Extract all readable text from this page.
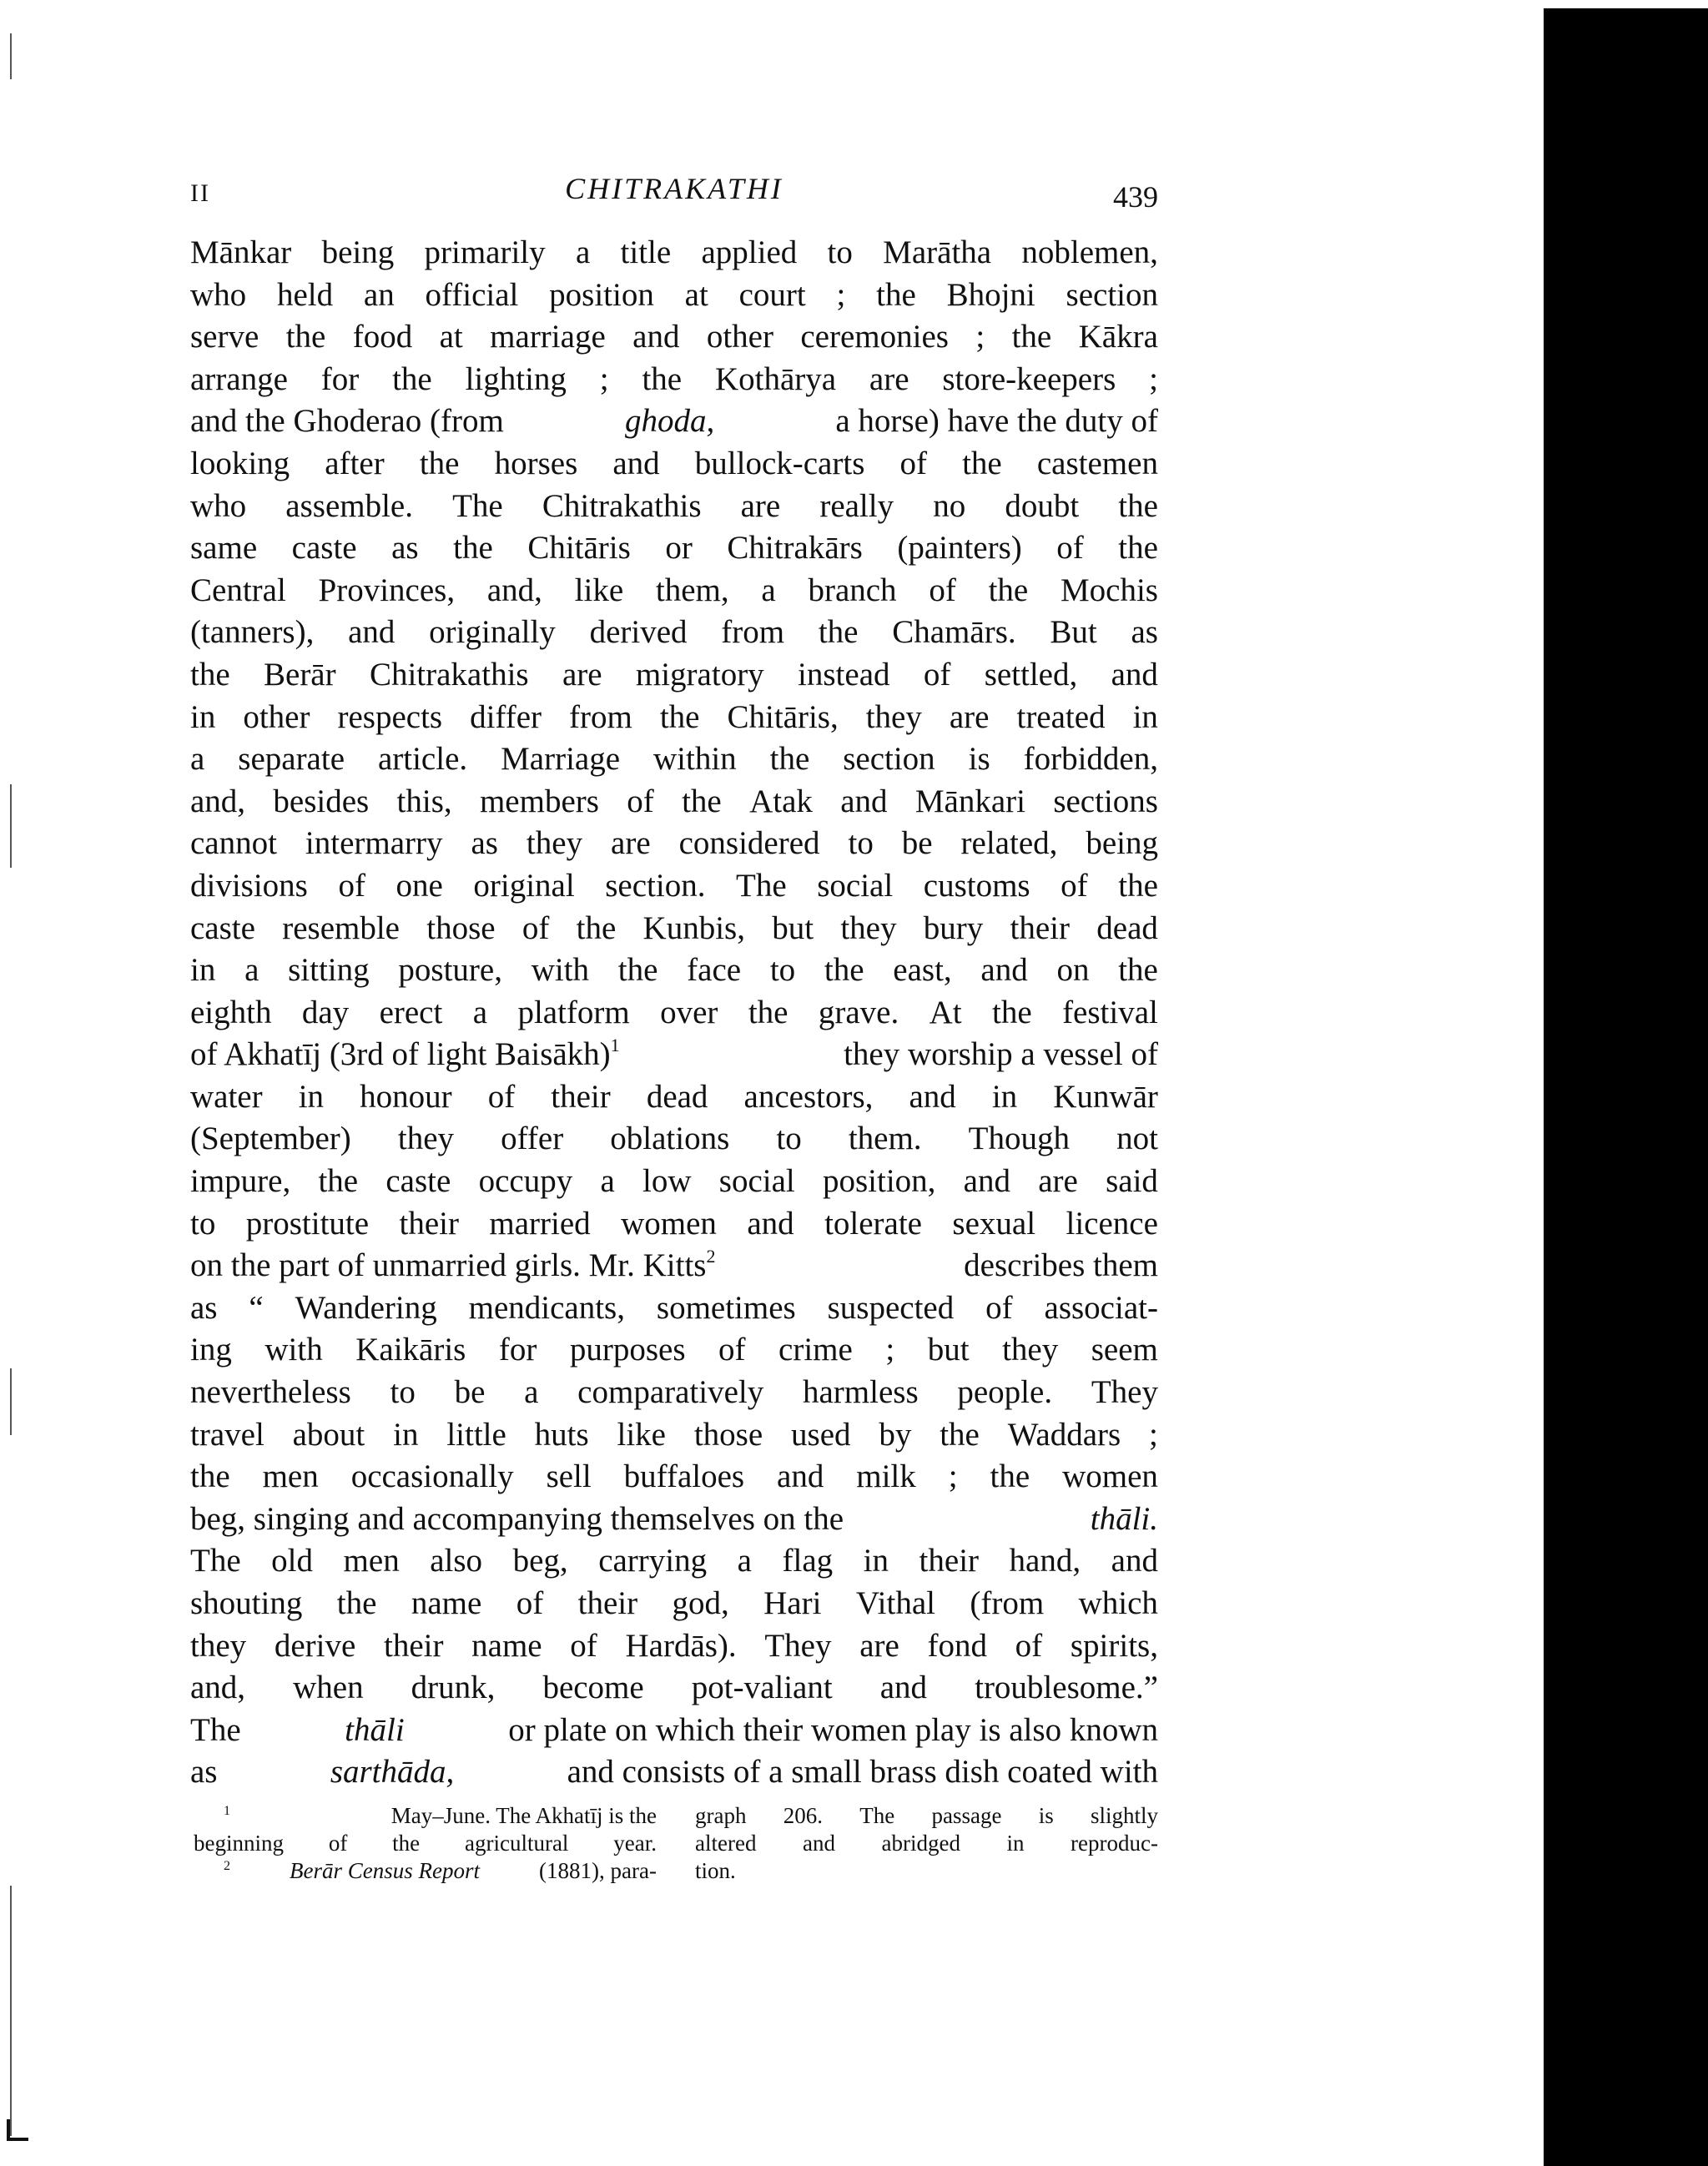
II	CHITRAKATHI	439
Mānkar being primarily a title applied to Marātha noblemen,
who held an official position at court ; the Bhojni section
serve the food at marriage and other ceremonies ; the Kākra
arrange for the lighting ; the Kothārya are store-keepers ;
and the Ghoderao (from	ghoda,	a horse) have the duty of
looking after the horses and bullock-carts of the castemen
who assemble. The Chitrakathis are really no doubt the
same caste as the Chitāris or Chitrakārs (painters) of the
Central Provinces, and, like them, a branch of the Mochis
(tanners), and originally derived from the Chamārs. But as
the Berār Chitrakathis are migratory instead of settled, and
in other respects differ from the Chitāris, they are treated in
a separate article. Marriage within the section is forbidden,
and, besides this, members of the Atak and Mānkari sections
cannot intermarry as they are considered to be related, being
divisions of one original section. The social customs of the
caste resemble those of the Kunbis, but they bury their dead
in a sitting posture, with the face to the east, and on the
eighth day erect a platform over the grave. At the festival
of Akhatīj (3rd of light Baisākh)$^1$	they worship a vessel of
water in honour of their dead ancestors, and in Kunwār
(September) they offer oblations to them. Though not
impure, the caste occupy a low social position, and are said
to prostitute their married women and tolerate sexual licence
on the part of unmarried girls. Mr. Kitts$^2$	describes them
as “ Wandering mendicants, sometimes suspected of associat-
ing with Kaikāris for purposes of crime ; but they seem
nevertheless to be a comparatively harmless people. They
travel about in little huts like those used by the Waddars ;
the men occasionally sell buffaloes and milk ; the women
beg, singing and accompanying themselves on the	thāli.
The old men also beg, carrying a flag in their hand, and
shouting the name of their god, Hari Vithal (from which
they derive their name of Hardās). They are fond of spirits,
and, when drunk, become pot-valiant and troublesome.”
The	thāli	or plate on which their women play is also known
as	sarthāda,	and consists of a small brass dish coated with
$^1$	May–June. The Akhatīj is the
beginning of the agricultural year.
$^2$	Berār Census Report	(1881), para-
graph 206. The passage is slightly
altered and abridged in reproduc-
tion.
